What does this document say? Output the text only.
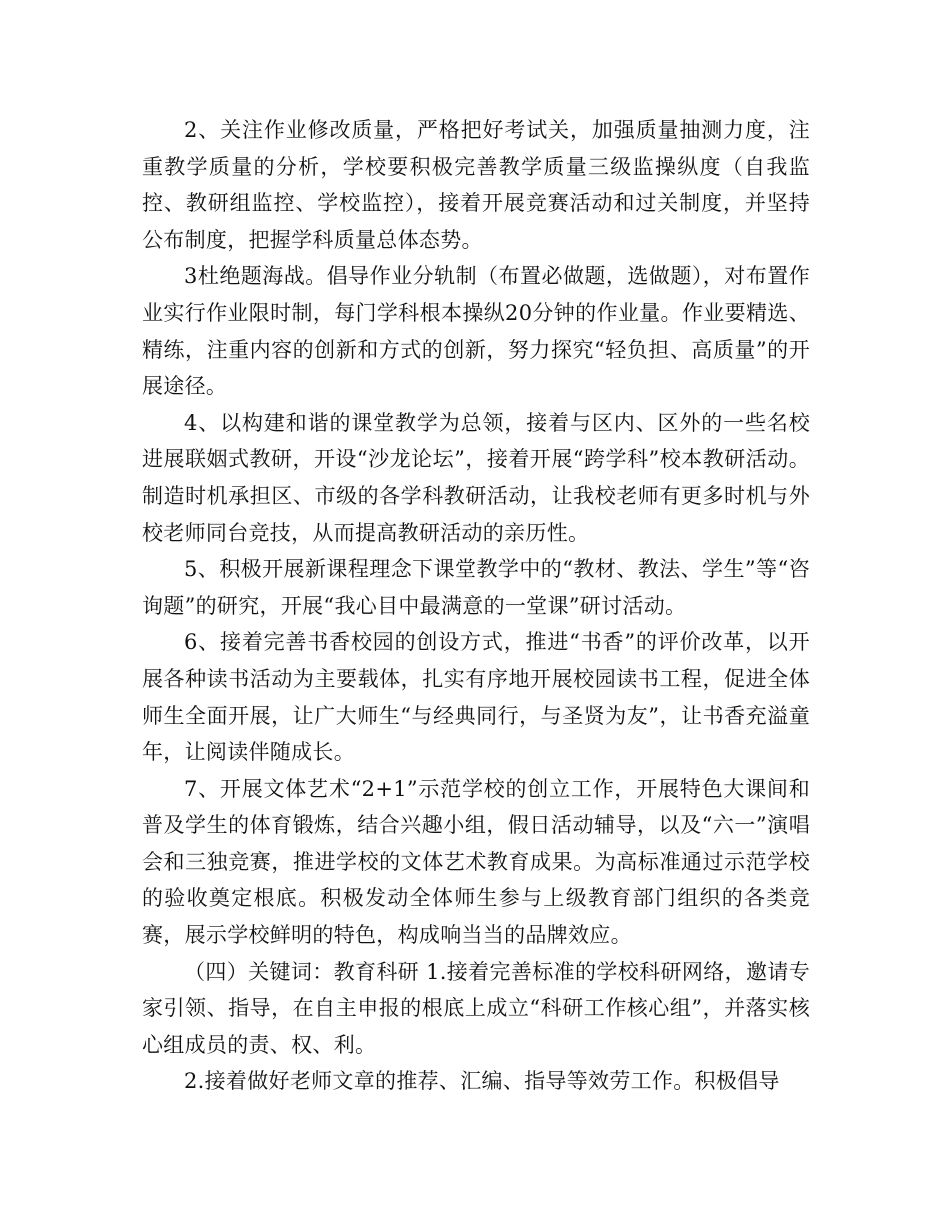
2、关注作业修改质量，严格把好考试关，加强质量抽测力度，注重教学质量的分析，学校要积极完善教学质量三级监操纵度（自我监控、教研组监控、学校监控），接着开展竞赛活动和过关制度，并坚持公布制度，把握学科质量总体态势。

3杜绝题海战。倡导作业分轨制（布置必做题，选做题），对布置作业实行作业限时制，每门学科根本操纵20分钟的作业量。作业要精选、精练，注重内容的创新和方式的创新，努力探究“轻负担、高质量”的开展途径。

4、以构建和谐的课堂教学为总领，接着与区内、区外的一些名校进展联姻式教研，开设“沙龙论坛”，接着开展“跨学科”校本教研活动。制造时机承担区、市级的各学科教研活动，让我校老师有更多时机与外校老师同台竞技，从而提高教研活动的亲历性。

5、积极开展新课程理念下课堂教学中的“教材、教法、学生”等“咨询题”的研究，开展“我心目中最满意的一堂课”研讨活动。

6、接着完善书香校园的创设方式，推进“书香”的评价改革，以开展各种读书活动为主要载体，扎实有序地开展校园读书工程，促进全体师生全面开展，让广大师生“与经典同行，与圣贤为友”，让书香充溢童年，让阅读伴随成长。

7、开展文体艺术“2+1”示范学校的创立工作，开展特色大课间和普及学生的体育锻炼，结合兴趣小组，假日活动辅导，以及“六一”演唱会和三独竞赛，推进学校的文体艺术教育成果。为高标准通过示范学校的验收奠定根底。积极发动全体师生参与上级教育部门组织的各类竞赛，展示学校鲜明的特色，构成响当当的品牌效应。

（四）关键词：教育科研 1.接着完善标准的学校科研网络，邀请专家引领、指导，在自主申报的根底上成立“科研工作核心组”，并落实核心组成员的责、权、利。

2.接着做好老师文章的推荐、汇编、指导等效劳工作。积极倡导
